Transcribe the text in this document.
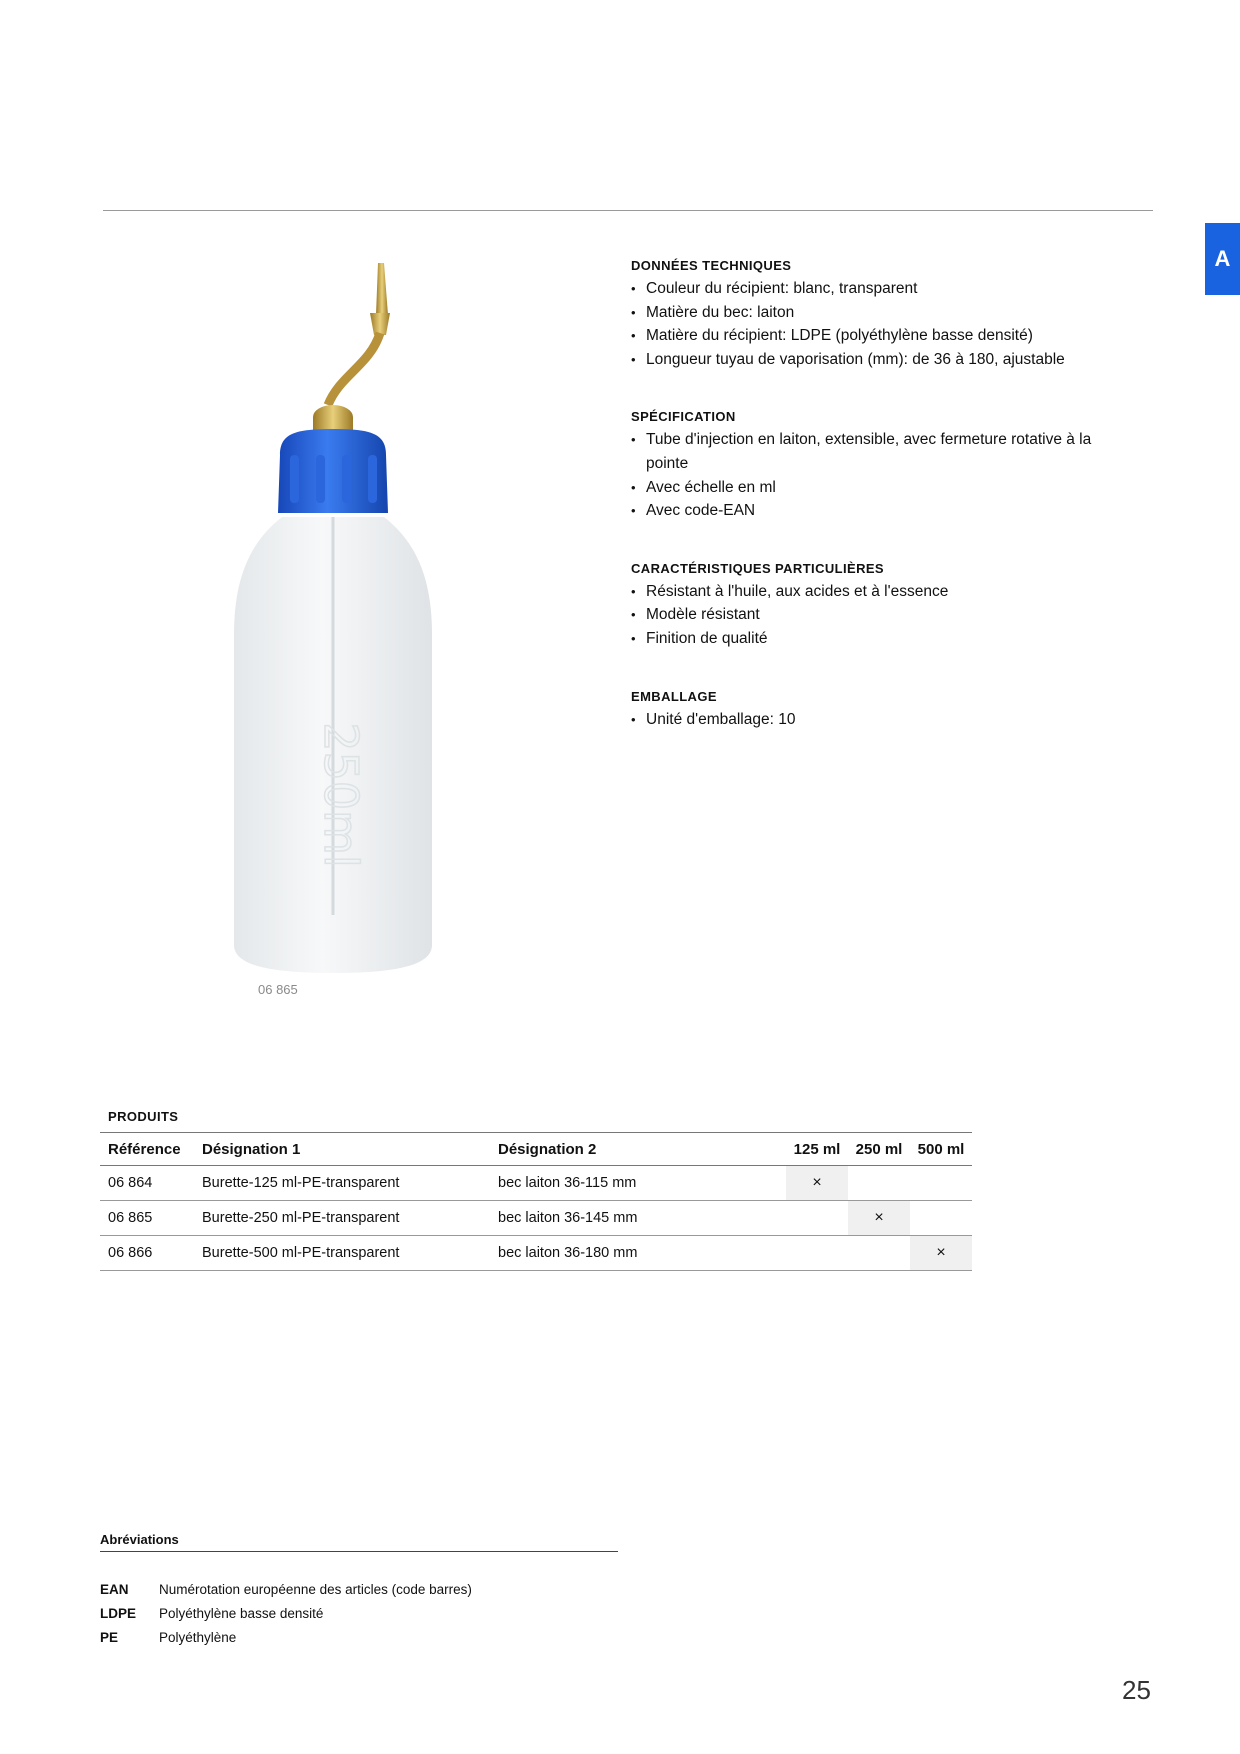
A
250ml
06 865
DONNÉES TECHNIQUES
• Couleur du récipient: blanc, transparent
• Matière du bec: laiton
• Matière du récipient: LDPE (polyéthylène basse densité)
• Longueur tuyau de vaporisation (mm): de 36 à 180, ajustable
SPÉCIFICATION
• Tube d'injection en laiton, extensible, avec fermeture rotative à la pointe
• Avec échelle en ml
• Avec code-EAN
CARACTÉRISTIQUES PARTICULIÈRES
• Résistant à l'huile, aux acides et à l'essence
• Modèle résistant
• Finition de qualité
EMBALLAGE
• Unité d'emballage: 10
PRODUITS
Référence	Désignation 1	Désignation 2	125 ml	250 ml	500 ml
06 864	Burette-125 ml-PE-transparent	bec laiton 36-115 mm	×		
06 865	Burette-250 ml-PE-transparent	bec laiton 36-145 mm		×	
06 866	Burette-500 ml-PE-transparent	bec laiton 36-180 mm			×
Abréviations
EAN	Numérotation européenne des articles (code barres)
LDPE	Polyéthylène basse densité
PE	Polyéthylène
25
